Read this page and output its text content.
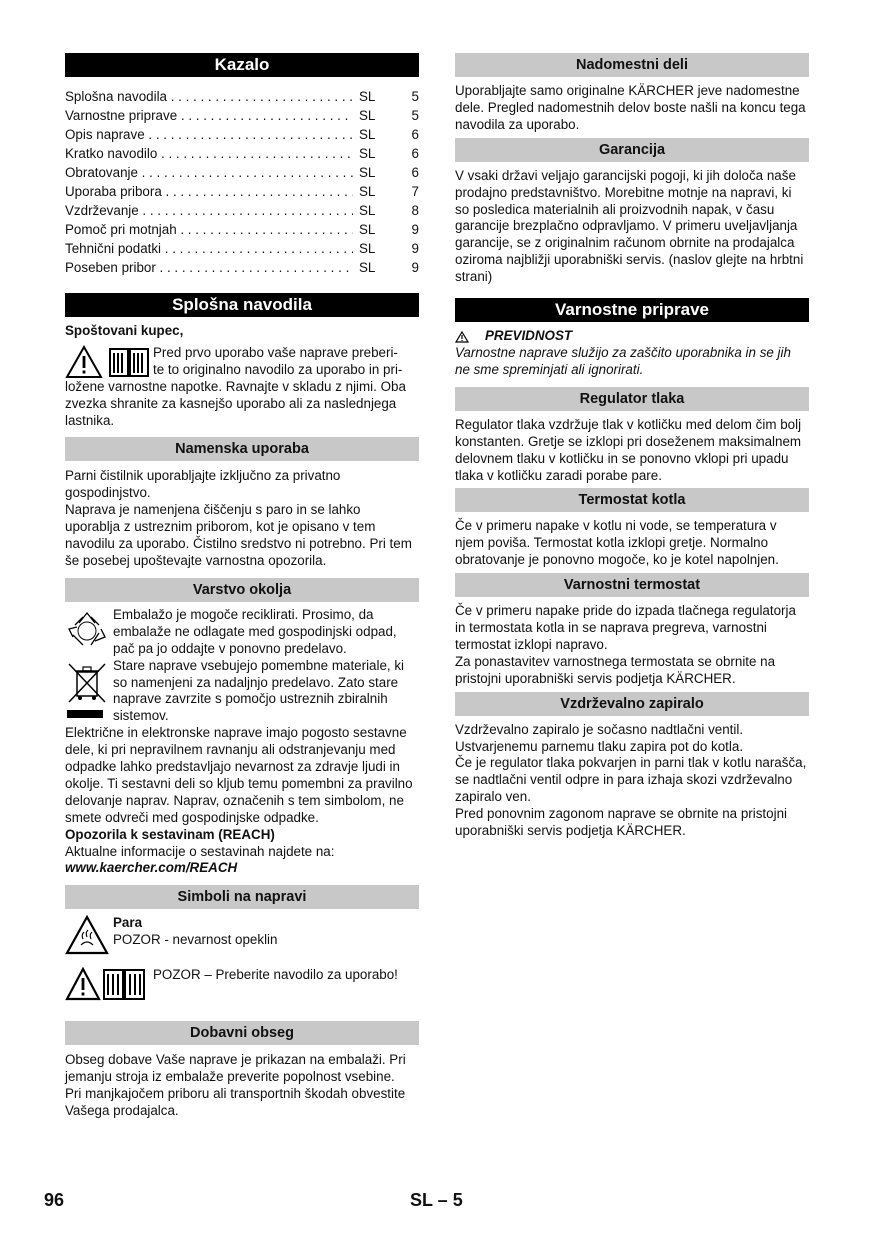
Kazalo
Splošna navodila . . .	SL	5
Varnostne priprave . . .	SL	5
Opis naprave . . .	SL	6
Kratko navodilo . . .	SL	6
Obratovanje . . .	SL	6
Uporaba pribora . . .	SL	7
Vzdrževanje . . .	SL	8
Pomoč pri motnjah . . .	SL	9
Tehnični podatki . . .	SL	9
Poseben pribor . . .	SL	9
Splošna navodila

Spoštovani kupec,

Pred prvo uporabo vaše naprave preberi-

te to originalno navodilo za uporabo in pri-

ložene varnostne napotke. Ravnajte v skladu z njimi. Oba zvezka shranite za kasnejšo uporabo ali za naslednjega lastnika.

Namenska uporaba

Parni čistilnik uporabljajte izključno za privatno gospodinjstvo.

Naprava je namenjena čiščenju s paro in se lahko uporablja z ustreznim priborom, kot je opisano v tem navodilu za uporabo. Čistilno sredstvo ni potrebno. Pri tem še posebej upoštevajte varnostna opozorila.

Varstvo okolja

Embalažo je mogoče reciklirati. Prosimo, da embalaže ne odlagate med gospodinjski odpad, pač pa jo oddajte v ponovno predelavo.

Stare naprave vsebujejo pomembne materiale, ki so namenjeni za nadaljnjo predelavo. Zato stare naprave zavrzite s pomočjo ustreznih zbiralnih sistemov.

Električne in elektronske naprave imajo pogosto sestavne dele, ki pri nepravilnem ravnanju ali odstranjevanju med odpadke lahko predstavljajo nevarnost za zdravje ljudi in okolje. Ti sestavni deli so kljub temu pomembni za pravilno delovanje naprav. Naprav, označenih s tem simbolom, ne smete odvreči med gospodinjske odpadke.

Opozorila k sestavinam (REACH)

Aktualne informacije o sestavinah najdete na:

www.kaercher.com/REACH

Simboli na napravi

Para

POZOR - nevarnost opeklin

POZOR – Preberite navodilo za uporabo!

Dobavni obseg

Obseg dobave Vaše naprave je prikazan na embalaži. Pri jemanju stroja iz embalaže preverite popolnost vsebine.

Pri manjkajočem priboru ali transportnih škodah obvestite Vašega prodajalca.

Nadomestni deli

Uporabljajte samo originalne KÄRCHER jeve nadomestne dele. Pregled nadomestnih delov boste našli na koncu tega navodila za uporabo.

Garancija

V vsaki državi veljajo garancijski pogoji, ki jih določa naše prodajno predstavništvo. Morebitne motnje na napravi, ki so posledica materialnih ali proizvodnih napak, v času garancije brezplačno odpravljamo. V primeru uveljavljanja garancije, se z originalnim računom obrnite na prodajalca oziroma najbližji uporabniški servis. (naslov glejte na hrbtni strani)

Varnostne priprave

PREVIDNOST

Varnostne naprave služijo za zaščito uporabnika in se jih ne sme spreminjati ali ignorirati.

Regulator tlaka

Regulator tlaka vzdržuje tlak v kotličku med delom čim bolj konstanten. Gretje se izklopi pri doseženem maksimalnem delovnem tlaku v kotličku in se ponovno vklopi pri upadu tlaka v kotličku zaradi porabe pare.

Termostat kotla

Če v primeru napake v kotlu ni vode, se temperatura v njem poviša. Termostat kotla izklopi gretje. Normalno obratovanje je ponovno mogoče, ko je kotel napolnjen.

Varnostni termostat

Če v primeru napake pride do izpada tlačnega regulatorja in termostata kotla in se naprava pregreva, varnostni termostat izklopi napravo.

Za ponastavitev varnostnega termostata se obrnite na pristojni uporabniški servis podjetja KÄRCHER.

Vzdrževalno zapiralo

Vzdrževalno zapiralo je sočasno nadtlačni ventil.

Ustvarjenemu parnemu tlaku zapira pot do kotla.

Če je regulator tlaka pokvarjen in parni tlak v kotlu narašča, se nadtlačni ventil odpre in para izhaja skozi vzdrževalno zapiralo ven.

Pred ponovnim zagonom naprave se obrnite na pristojni uporabniški servis podjetja KÄRCHER.

96	SL – 5
